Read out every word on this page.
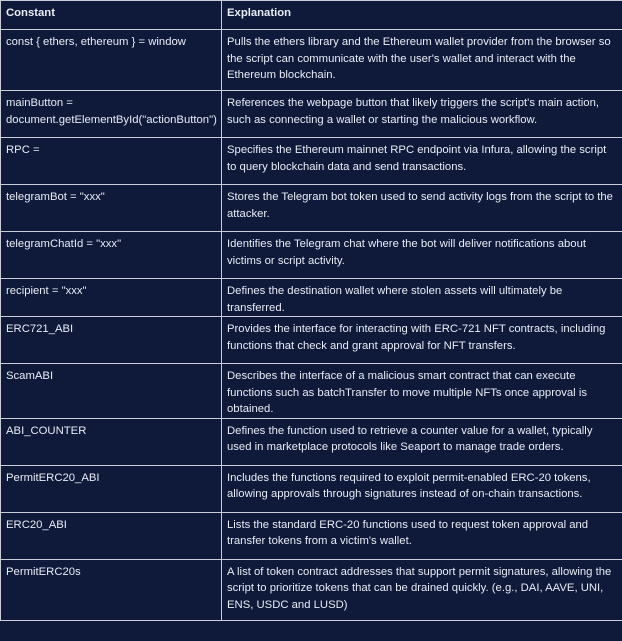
Constant	Explanation
const { ethers, ethereum } = window	Pulls the ethers library and the Ethereum wallet provider from the browser so the script can communicate with the user's wallet and interact with the Ethereum blockchain.
mainButton = document.getElementById("actionButton")	References the webpage button that likely triggers the script's main action, such as connecting a wallet or starting the malicious workflow.
RPC =	Specifies the Ethereum mainnet RPC endpoint via Infura, allowing the script to query blockchain data and send transactions.
telegramBot = "xxx"	Stores the Telegram bot token used to send activity logs from the script to the attacker.
telegramChatId = "xxx"	Identifies the Telegram chat where the bot will deliver notifications about victims or script activity.
recipient = "xxx"	Defines the destination wallet where stolen assets will ultimately be transferred.
ERC721_ABI	Provides the interface for interacting with ERC-721 NFT contracts, including functions that check and grant approval for NFT transfers.
ScamABI	Describes the interface of a malicious smart contract that can execute functions such as batchTransfer to move multiple NFTs once approval is obtained.
ABI_COUNTER	Defines the function used to retrieve a counter value for a wallet, typically used in marketplace protocols like Seaport to manage trade orders.
PermitERC20_ABI	Includes the functions required to exploit permit-enabled ERC-20 tokens, allowing approvals through signatures instead of on-chain transactions.
ERC20_ABI	Lists the standard ERC-20 functions used to request token approval and transfer tokens from a victim's wallet.
PermitERC20s	A list of token contract addresses that support permit signatures, allowing the script to prioritize tokens that can be drained quickly. (e.g., DAI, AAVE, UNI, ENS, USDC and LUSD)
